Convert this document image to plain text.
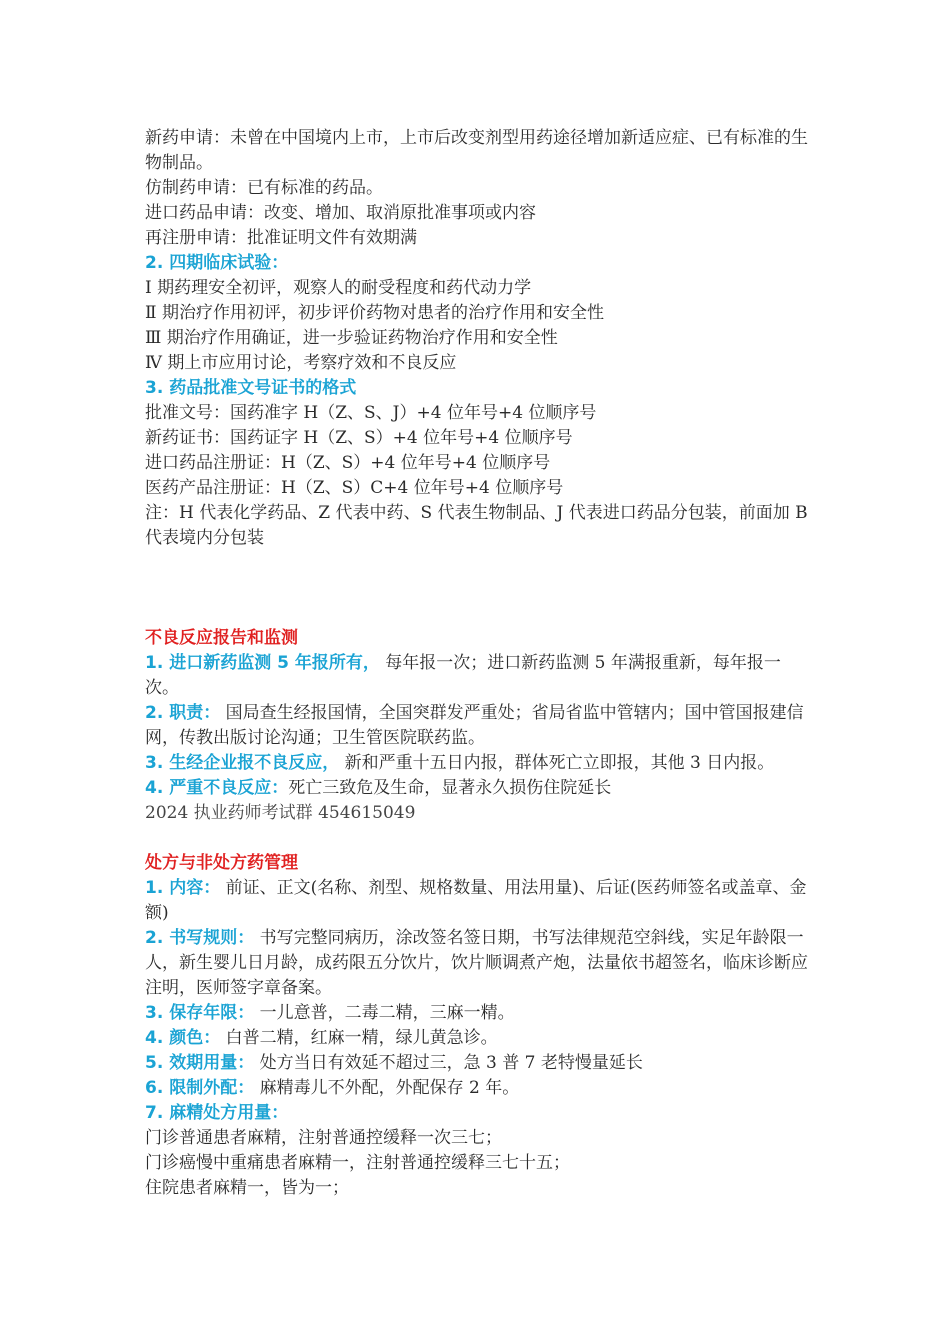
新药申请：未曾在中国境内上市，上市后改变剂型用药途径增加新适应症、已有标准的生物制品。

仿制药申请：已有标准的药品。

进口药品申请：改变、增加、取消原批准事项或内容

再注册申请：批准证明文件有效期满

2. 四期临床试验：

Ⅰ 期药理安全初评，观察人的耐受程度和药代动力学

Ⅱ 期治疗作用初评，初步评价药物对患者的治疗作用和安全性

Ⅲ 期治疗作用确证，进一步验证药物治疗作用和安全性

Ⅳ 期上市应用讨论，考察疗效和不良反应

3. 药品批准文号证书的格式

批准文号：国药准字 H（Z、S、J）+4 位年号+4 位顺序号

新药证书：国药证字 H（Z、S）+4 位年号+4 位顺序号

进口药品注册证：H（Z、S）+4 位年号+4 位顺序号

医药产品注册证：H（Z、S）C+4 位年号+4 位顺序号

注：H 代表化学药品、Z 代表中药、S 代表生物制品、J 代表进口药品分包装，前面加 B 代表境内分包装

不良反应报告和监测

1. 进口新药监测 5 年报所有， 每年报一次；进口新药监测 5 年满报重新，每年报一次。

2. 职责： 国局查生经报国情，全国突群发严重处；省局省监中管辖内；国中管国报建信网，传教出版讨论沟通；卫生管医院联药监。

3. 生经企业报不良反应， 新和严重十五日内报，群体死亡立即报，其他 3 日内报。

4. 严重不良反应：死亡三致危及生命，显著永久损伤住院延长

2024 执业药师考试群 454615049

处方与非处方药管理

1. 内容： 前证、正文(名称、剂型、规格数量、用法用量)、后证(医药师签名或盖章、金额)

2. 书写规则： 书写完整同病历，涂改签名签日期，书写法律规范空斜线，实足年龄限一人，新生婴儿日月龄，成药限五分饮片，饮片顺调煮产炮，法量依书超签名，临床诊断应注明，医师签字章备案。

3. 保存年限： 一儿意普，二毒二精，三麻一精。

4. 颜色： 白普二精，红麻一精，绿儿黄急诊。

5. 效期用量： 处方当日有效延不超过三，急 3 普 7 老特慢量延长

6. 限制外配： 麻精毒儿不外配，外配保存 2 年。

7. 麻精处方用量：

门诊普通患者麻精，注射普通控缓释一次三七；

门诊癌慢中重痛患者麻精一，注射普通控缓释三七十五；

住院患者麻精一，皆为一；
